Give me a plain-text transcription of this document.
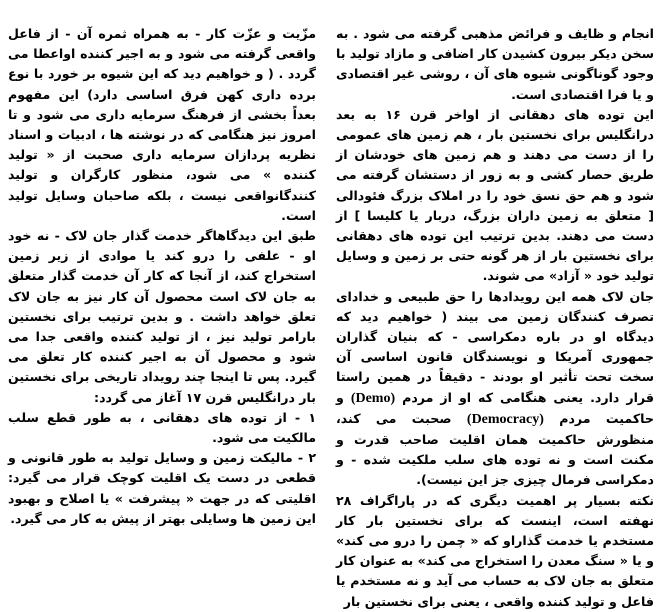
انجام و ظایف و فرائض مذهبی گرفته می شود . به سخن دیکر بیرون کشیدن کار اضافی و مازاد تولید با وجود گوناگونی شیوه های آن ، روشی غیر اقتصادی و یا فرا اقتصادی است.

این توده های دهقانی از اواخر قرن ۱۶ به بعد درانگلیس برای نخستین بار ، هم زمین های عمومی را از دست می دهند و هم زمین های خودشان از طریق حصار کشی و به زور از دستشان گرفته می شود و هم حق نسق خود را در املاک بزرگ فئودالی [ متعلق به زمین داران بزرگ، دربار یا کلیسا ] از دست می دهند. بدین ترتیب این توده های دهقانی برای نخستین بار از هر گونه حتی بر زمین و وسایل تولید خود « آزاد» می شوند.

جان لاک همه این رویدادها را حق طبیعی و خدادای تصرف کنندگان زمین می بیند ( خواهیم دید که دیدگاه او در باره دمکراسی - که بنیان گذاران جمهوری آمریکا و نویسندگان قانون اساسی آن سخت تحت تأثیر او بودند - دقیقاً در همین راستا قرار دارد. یعنی هنگامی که او از مردم (Demo) و حاکمیت مردم (Democracy) صحبت می کند، منظورش حاکمیت همان اقلیت صاحب قدرت و مکنت است و نه توده های سلب ملکیت شده - و دمکراسی فرمال چیزی جز این نیست).

نکته بسیار پر اهمیت دیگری که در پاراگراف ۲۸ نهفته است، اینست که برای نخستین بار کار مستخدم یا خدمت گذاراو که « چمن را درو می کند» و یا « سنگ معدن را استخراج می کند» به عنوان کار متعلق به جان لاک به حساب می آید و نه مستخدم یا فاعل و تولید کننده واقعی ، یعنی برای نخستین بار

مزّیت و عزّت کار - به همراه ثمره آن - از فاعل واقعی گرفته می شود و به اجیر کننده اواعطا می گردد . ( و خواهیم دید که این شیوه بر خورد با نوع برده داری کهن فرق اساسی دارد) این مفهوم بعداً بخشی از فرهنگ سرمایه داری می شود و تا امروز نیز هنگامی که در نوشته ها ، ادبیات و اسناد نظریه پردازان سرمایه داری صحبت از « تولید کننده » می شود، منظور کارگران و تولید کنندگانواقعی نیست ، بلکه صاحبان وسایل تولید است.

طبق این دیدگاهاگر خدمت گذار جان لاک - نه خود او - علفی را درو کند یا موادی از زیر زمین استخراج کند، از آنجا که کار آن خدمت گذار متعلق به جان لاک است محصول آن کار نیز به جان لاک تعلق خواهد داشت . و بدین ترتیب برای نخستین بارامر تولید نیز ، از تولید کننده واقعی جدا می شود و محصول آن به اجیر کننده کار تعلق می گیرد. پس تا اینجا چند رویداد تاریخی برای نخستین بار درانگلیس قرن ۱۷ آغاز می گردد:

۱ - از توده های دهقانی ، به طور قطع سلب مالکیت می شود.

۲ - مالیکت زمین و وسایل تولید به طور قانونی و قطعی در دست یک اقلیت کوچک قرار می گیرد: اقلیتی که در جهت « پیشرفت » یا اصلاح و بهبود این زمین ها وسایلی بهتر از پیش به کار می گیرد.
